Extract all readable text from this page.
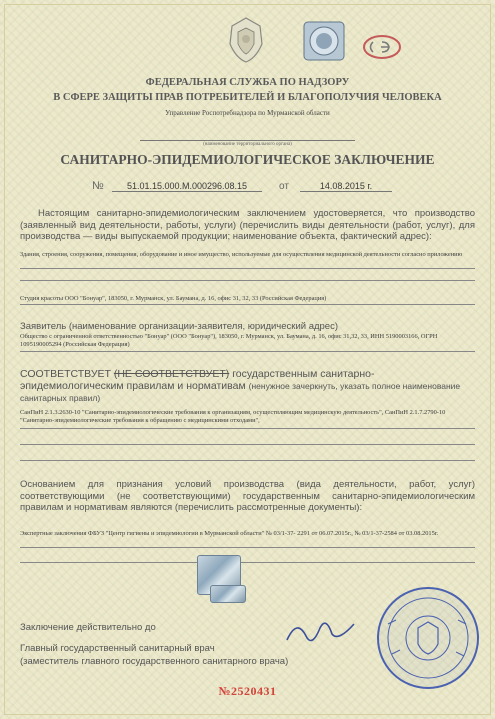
ФЕДЕРАЛЬНАЯ СЛУЖБА ПО НАДЗОРУ
В СФЕРЕ ЗАЩИТЫ ПРАВ ПОТРЕБИТЕЛЕЙ И БЛАГОПОЛУЧИЯ ЧЕЛОВЕКА
Управление Роспотребнадзора по Мурманской области
(наименование территориального органа)
САНИТАРНО-ЭПИДЕМИОЛОГИЧЕСКОЕ ЗАКЛЮЧЕНИЕ
№	51.01.15.000.М.000296.08.15	от	14.08.2015 г.
Настоящим санитарно-эпидемиологическим заключением удостоверяется, что производство (заявленный вид деятельности, работы, услуги) (перечислить виды деятельности (работ, услуг), для производства — виды выпускаемой продукции; наименование объекта, фактический адрес):
Здания, строения, сооружения, помещения, оборудование и иное имущество, используемые для осуществления медицинской деятельности согласно приложению
Студия красоты ООО "Бонуар", 183050, г. Мурманск, ул. Баумана, д. 16, офис 31, 32, 33 (Российская Федерация)
Заявитель (наименование организации-заявителя, юридический адрес)
Общество с ограниченной ответственностью "Бонуар" (ООО "Бонуар"), 183050, г. Мурманск, ул. Баумана, д. 16, офис 31,32, 33, ИНН 5190003166, ОГРН 1095190005294 (Российская Федерация)
СООТВЕТСТВУЕТ (НЕ СООТВЕТСТВУЕТ) государственным санитарно-эпидемиологическим правилам и нормативам (ненужное зачеркнуть, указать полное наименование санитарных правил)
СанПиН 2.1.3.2630-10 "Санитарно-эпидемиологические требования к организациям, осуществляющим медицинскую деятельность", СанПиН 2.1.7.2790-10 "Санитарно-эпидемиологические требования к обращению с медицинскими отходами",
Основанием для признания условий производства (вида деятельности, работ, услуг) соответствующими (не соответствующими) государственным санитарно-эпидемиологическим правилам и нормативам являются (перечислить рассмотренные документы):
Экспертные заключения ФБУЗ "Центр гигиены и эпидемиологии в Мурманской области" № 03/1-37- 2291 от 06.07.2015г., № 03/1-37-2584 от 03.08.2015г.
Заключение действительно до
Главный государственный санитарный врач
(заместитель главного государственного санитарного врача)
№2520431
